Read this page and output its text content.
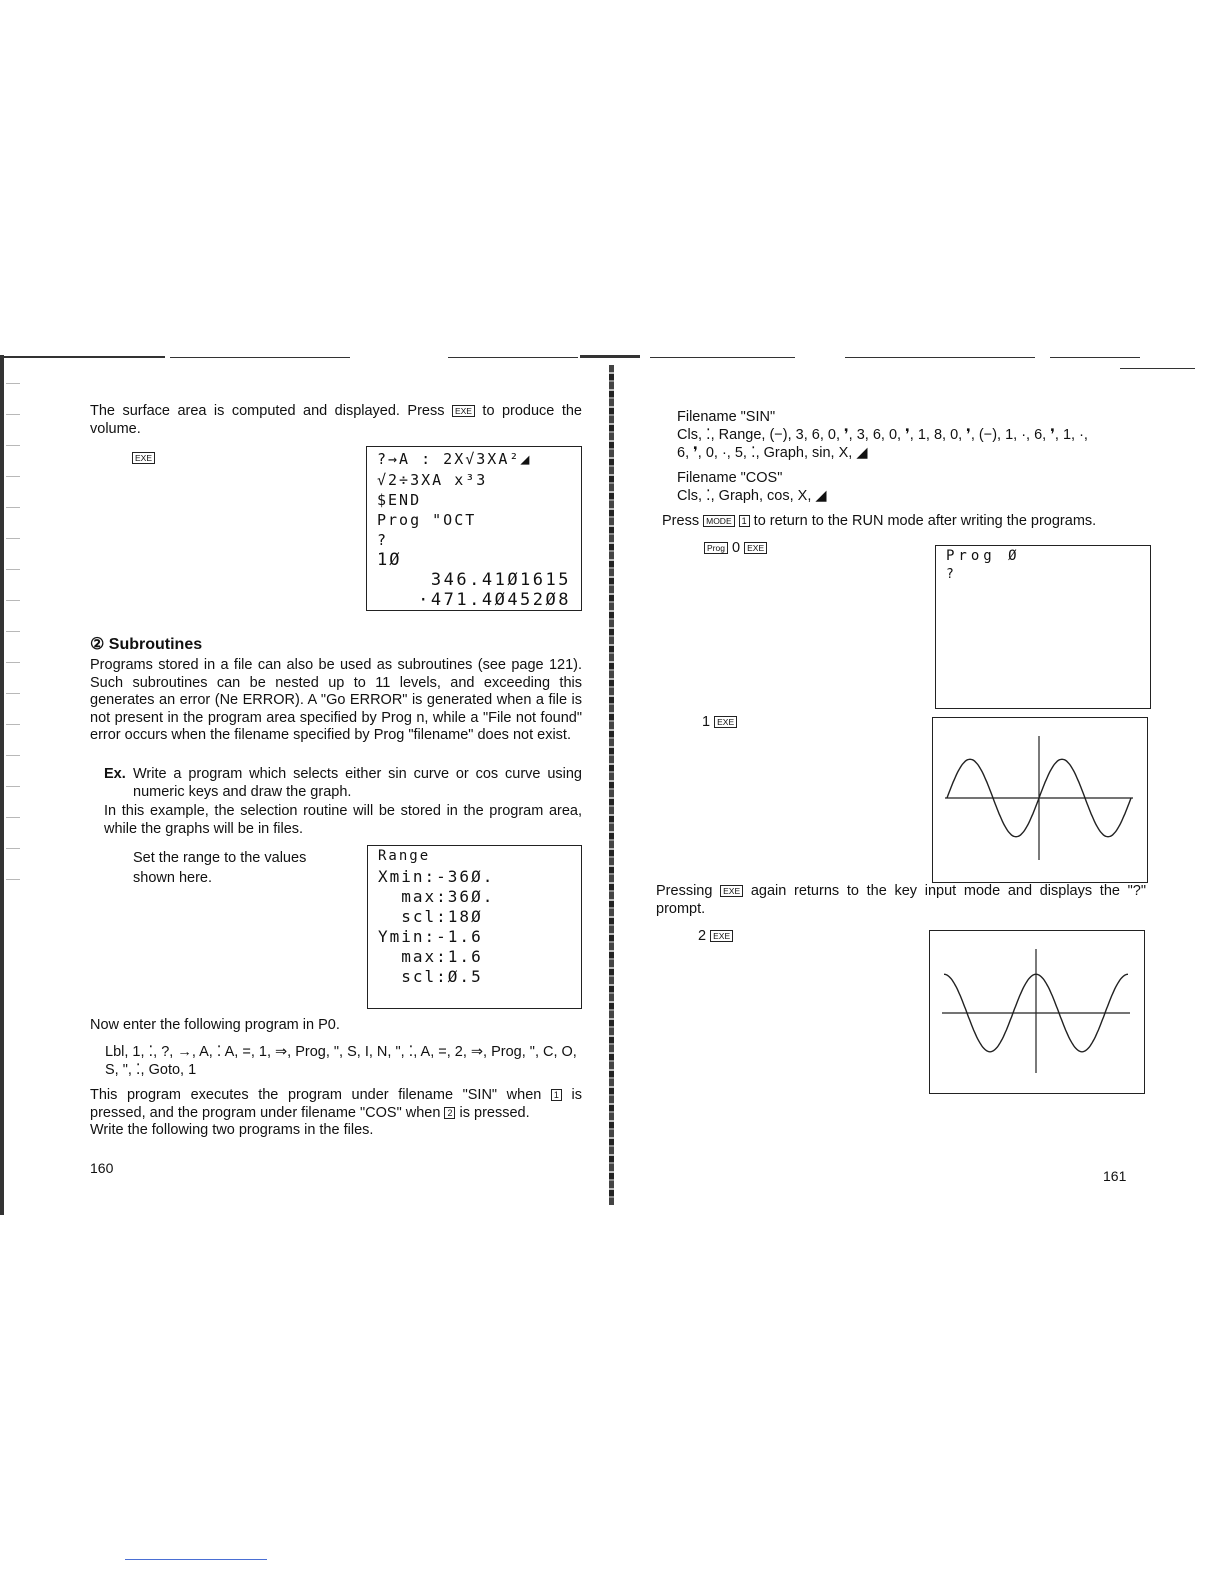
The surface area is computed and displayed. Press EXE to produce the volume.
EXE	?→A : 2X√3XA²◢
√2÷3XA x³3
$END
Prog "OCT
?
1Ø
346.41Ø1615
·471.4Ø452Ø8
② Subroutines
Programs stored in a file can also be used as subroutines (see page 121). Such subroutines can be nested up to 11 levels, and exceeding this generates an error (Ne ERROR). A "Go ERROR" is generated when a file is not present in the program area specified by Prog n, while a "File not found" error occurs when the filename specified by Prog "filename" does not exist.
Ex. Write a program which selects either sin curve or cos curve using numeric keys and draw the graph.
In this example, the selection routine will be stored in the program area, while the graphs will be in files.
Set the range to the values shown here.
Range
Xmin:-36Ø.
max:36Ø.
scl:18Ø
Ymin:-1.6
max:1.6
scl:Ø.5
Now enter the following program in P0.
Lbl, 1, ⁚, ?, →, A, ⁚ A, =, 1, ⇒, Prog, ", S, I, N, ", ⁚, A, =, 2, ⇒, Prog, ", C, O, S, ", ⁚, Goto, 1
This program executes the program under filename "SIN" when 1 is pressed, and the program under filename "COS" when 2 is pressed.
Write the following two programs in the files.
160
Filename "SIN"
Cls, ⁚, Range, (−), 3, 6, 0, ❜, 3, 6, 0, ❜, 1, 8, 0, ❜, (−), 1, ·, 6, ❜, 1, ·,
6, ❜, 0, ·, 5, ⁚, Graph, sin, X, ◢
Filename "COS"
Cls, ⁚, Graph, cos, X, ◢
Press MODE 1 to return to the RUN mode after writing the programs.
Prog 0 EXE	Prog Ø
?
1 EXE
Pressing EXE again returns to the key input mode and displays the "?" prompt.
2 EXE
161
